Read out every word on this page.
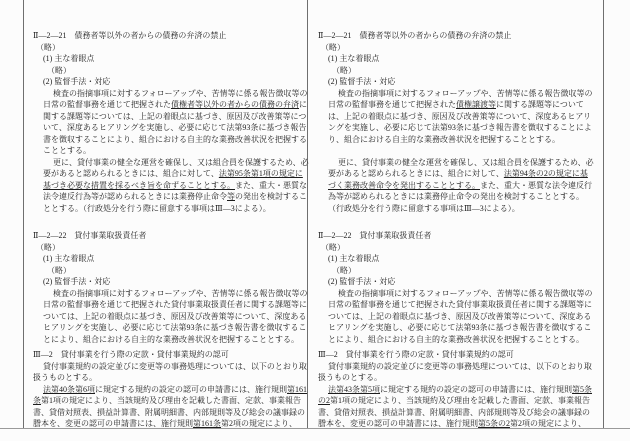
Ⅱ—2—21　債務者等以外の者からの債務の弁済の禁止
（略）
(1) 主な着眼点
（略）
(2) 監督手法・対応
検査の指摘事項に対するフォローアップや、苦情等に係る報告徴収等の
日常の監督事務を通じて把握された債権者等以外の者からの債務の弁済に
関する課題等については、上記の着眼点に基づき、原因及び改善策等につ
いて、深度あるヒアリングを実施し、必要に応じて法第93条に基づき報告
書を徴収することにより、組合における自主的な業務改善状況を把握する
こととする。
更に、貸付事業の健全な運営を確保し、又は組合員を保護するため、必
要があると認められるときには、組合に対して、法第95条第1項の規定に
基づき必要な措置を採るべき旨を命ずることとする。また、重大・悪質な
法令違反行為等が認められるときには業務停止命令等の発出を検討するこ
ととする。（行政処分を行う際に留意する事項はⅢ—3による）。
Ⅱ—2—22　貸付事業取扱責任者
（略）
(1) 主な着眼点
（略）
(2) 監督手法・対応
検査の指摘事項に対するフォローアップや、苦情等に係る報告徴収等の
日常の監督事務を通じて把握された貸付事業取扱責任者に関する課題等に
ついては、上記の着眼点に基づき、原因及び改善策等について、深度ある
ヒアリングを実施し、必要に応じて法第93条に基づき報告書を徴収するこ
とにより、組合における自主的な業務改善状況を把握することとする。
Ⅲ—2　貸付事業を行う際の定款・貸付事業規約の認可
貸付事業規約の設定並びに変更等の事務処理については、以下のとおり取
扱うものとする。
法第40条第6項に規定する規約の設定の認可の申請書には、施行規則第161
条第1項の規定により、当該規約及び理由を記載した書面、定款、事業報告
書、貸借対照表、損益計算書、附属明細書、内部規則等及び総会の議事録の
謄本を、変更の認可の申請書には、施行規則第161条第2項の規定により、
Ⅱ—2—21　債務者等以外の者からの債務の弁済の禁止
（略）
(1) 主な着眼点
（略）
(2) 監督手法・対応
検査の指摘事項に対するフォローアップや、苦情等に係る報告徴収等の
日常の監督事務を通じて把握された債権譲渡等に関する課題等について
は、上記の着眼点に基づき、原因及び改善策等について、深度あるヒアリ
ングを実施し、必要に応じて法第93条に基づき報告書を徴収することによ
り、組合における自主的な業務改善状況を把握することとする。

更に、貸付事業の健全な運営を確保し、又は組合員を保護するため、必
要があると認められるときには、組合に対して、法第94条の2の規定に基
づく業務改善命令を発出することとする。また、重大・悪質な法令違反行
為等が認められるときには業務停止命令の発出を検討することとする。
（行政処分を行う際に留意する事項はⅢ—3による）。
Ⅱ—2—22　貸付事業取扱責任者
（略）
(1) 主な着眼点
（略）
(2) 監督手法・対応
検査の指摘事項に対するフォローアップや、苦情等に係る報告徴収等の
日常の監督事務を通じて把握された貸付事業取扱責任者に関する課題等に
ついては、上記の着眼点に基づき、原因及び改善策等について、深度ある
ヒアリングを実施し、必要に応じて法第93条に基づき報告書を徴収するこ
とにより、組合における自主的な業務改善状況を把握することとする。
Ⅲ—2　貸付事業を行う際の定款・貸付事業規約の認可
貸付事業規約の設定並びに変更等の事務処理については、以下のとおり取
扱うものとする。
法第43条第5項に規定する規約の設定の認可の申請書には、施行規則第5条
の2第1項の規定により、当該規約及び理由を記載した書面、定款、事業報告
書、貸借対照表、損益計算書、附属明細書、内部規則等及び総会の議事録の
謄本を、変更の認可の申請書には、施行規則第5条の2第2項の規定により、
